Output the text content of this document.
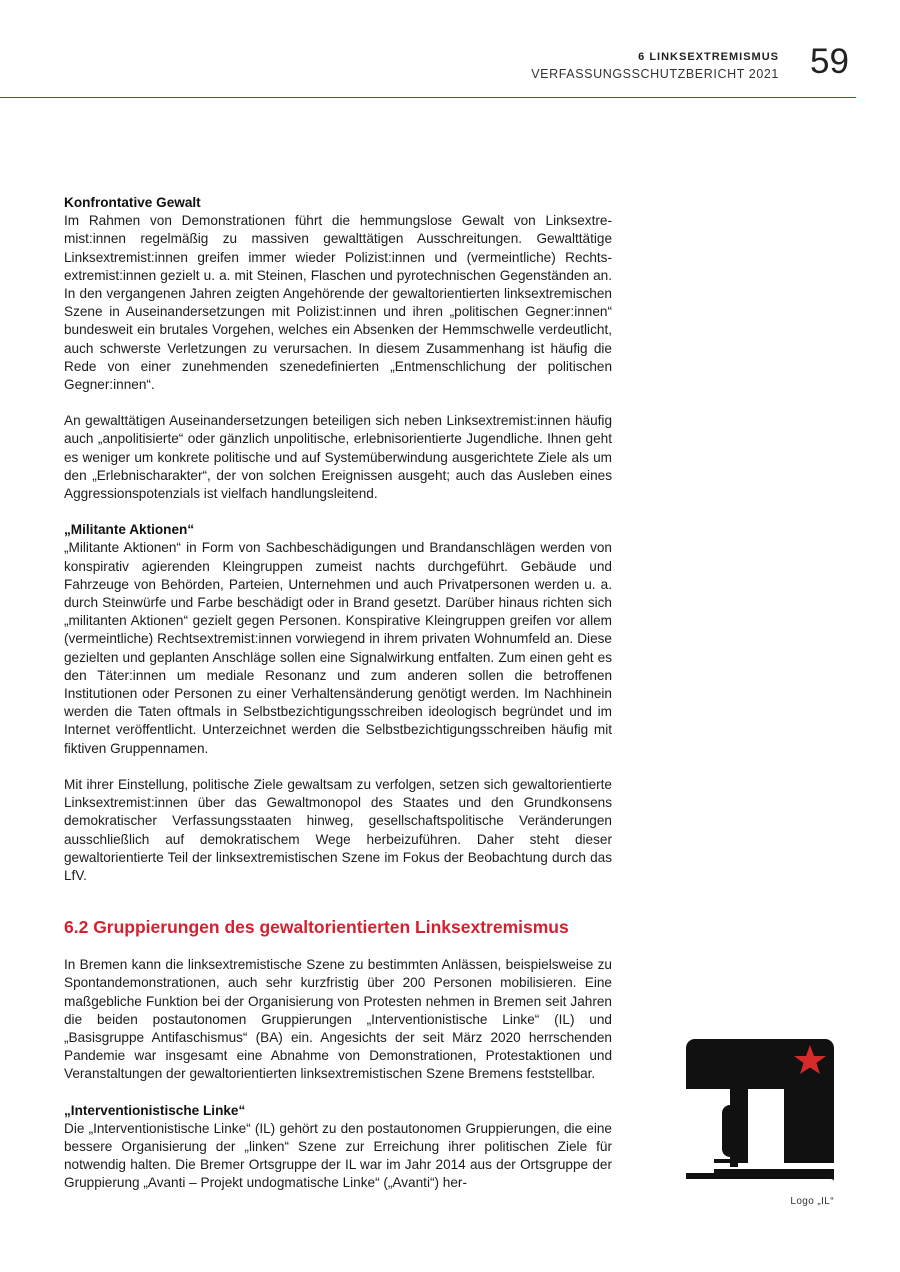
6 LINKSEXTREMISMUS
VERFASSUNGSSCHUTZBERICHT 2021 59
Konfrontative Gewalt

Im Rahmen von Demonstrationen führt die hemmungslose Gewalt von Linksextremist:innen regelmäßig zu massiven gewalttätigen Ausschreitungen. Gewalttätige Linksextremist:innen greifen immer wieder Polizist:innen und (vermeintliche) Rechtsextremist:innen gezielt u. a. mit Steinen, Flaschen und pyrotechnischen Gegenständen an. In den vergangenen Jahren zeigten Angehörende der gewaltorientierten linksextremischen Szene in Auseinandersetzungen mit Polizist:innen und ihren „politischen Gegner:innen“ bundesweit ein brutales Vorgehen, welches ein Absenken der Hemmschwelle verdeutlicht, auch schwerste Verletzungen zu verursachen. In diesem Zusammenhang ist häufig die Rede von einer zunehmenden szenedefinierten „Entmenschlichung der politischen Gegner:innen“.

An gewalttätigen Auseinandersetzungen beteiligen sich neben Linksextremist:innen häufig auch „anpolitisierte“ oder gänzlich unpolitische, erlebnisorientierte Jugendliche. Ihnen geht es weniger um konkrete politische und auf Systemüberwindung ausgerichtete Ziele als um den „Erlebnischarakter“, der von solchen Ereignissen ausgeht; auch das Ausleben eines Aggressionspotenzials ist vielfach handlungsleitend.

„Militante Aktionen“

„Militante Aktionen“ in Form von Sachbeschädigungen und Brandanschlägen werden von konspirativ agierenden Kleingruppen zumeist nachts durchgeführt. Gebäude und Fahrzeuge von Behörden, Parteien, Unternehmen und auch Privatpersonen werden u. a. durch Steinwürfe und Farbe beschädigt oder in Brand gesetzt. Darüber hinaus richten sich „militanten Aktionen“ gezielt gegen Personen. Konspirative Kleingruppen greifen vor allem (vermeintliche) Rechtsextremist:innen vorwiegend in ihrem privaten Wohnumfeld an. Diese gezielten und geplanten Anschläge sollen eine Signalwirkung entfalten. Zum einen geht es den Täter:innen um mediale Resonanz und zum anderen sollen die betroffenen Institutionen oder Personen zu einer Verhaltensänderung genötigt werden. Im Nachhinein werden die Taten oftmals in Selbstbezichtigungsschreiben ideologisch begründet und im Internet veröffentlicht. Unterzeichnet werden die Selbstbezichtigungsschreiben häufig mit fiktiven Gruppennamen.

Mit ihrer Einstellung, politische Ziele gewaltsam zu verfolgen, setzen sich gewaltorientierte Linksextremist:innen über das Gewaltmonopol des Staates und den Grundkonsens demokratischer Verfassungsstaaten hinweg, gesellschaftspolitische Veränderungen ausschließlich auf demokratischem Wege herbeizuführen. Daher steht dieser gewaltorientierte Teil der linksextremistischen Szene im Fokus der Beobachtung durch das LfV.

6.2 Gruppierungen des gewaltorientierten Linksextremismus

In Bremen kann die linksextremistische Szene zu bestimmten Anlässen, beispielsweise zu Spontandemonstrationen, auch sehr kurzfristig über 200 Personen mobilisieren. Eine maßgebliche Funktion bei der Organisierung von Protesten nehmen in Bremen seit Jahren die beiden postautonomen Gruppierungen „Interventionistische Linke“ (IL) und „Basisgruppe Antifaschismus“ (BA) ein. Angesichts der seit März 2020 herrschenden Pandemie war insgesamt eine Abnahme von Demonstrationen, Protestaktionen und Veranstaltungen der gewaltorientierten linksextremistischen Szene Bremens feststellbar.

„Interventionistische Linke“

Die „Interventionistische Linke“ (IL) gehört zu den postautonomen Gruppierungen, die eine bessere Organisierung der „linken“ Szene zur Erreichung ihrer politischen Ziele für notwendig halten. Die Bremer Ortsgruppe der IL war im Jahr 2014 aus der Ortsgruppe der Gruppierung „Avanti – Projekt undogmatische Linke“ („Avanti“) her-

Logo „IL“
